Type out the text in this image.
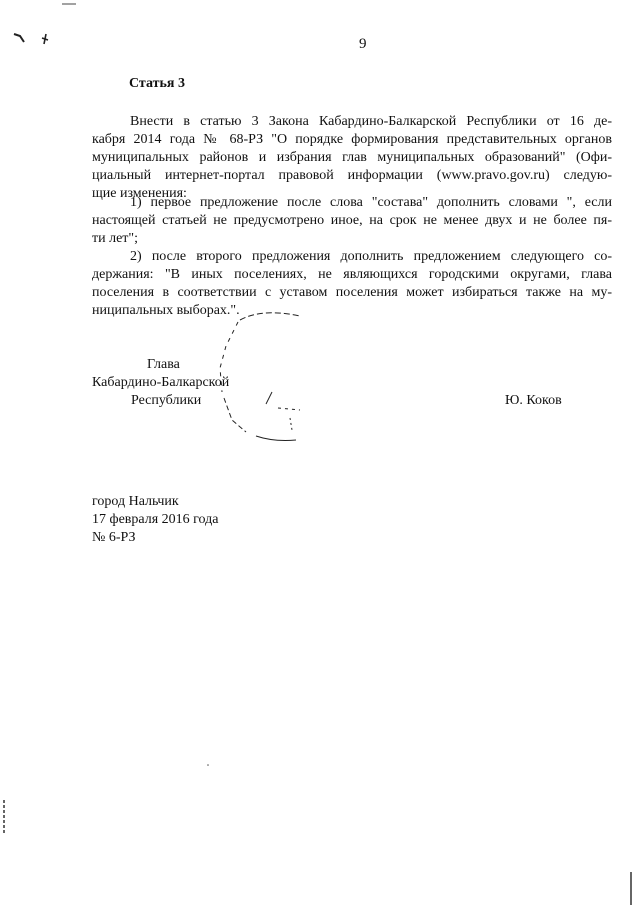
9
Статья 3
Внести в статью 3 Закона Кабардино-Балкарской Республики от 16 де-
кабря 2014 года № 68-РЗ "О порядке формирования представительных органов
муниципальных районов и избрания глав муниципальных образований" (Офи-
циальный интернет-портал правовой информации (www.pravo.gov.ru) следую-
щие изменения:
1) первое предложение после слова "состава" дополнить словами ", если
настоящей статьей не предусмотрено иное, на срок не менее двух и не более пя-
ти лет";
2) после второго предложения дополнить предложением следующего со-
держания: "В иных поселениях, не являющихся городскими округами, глава
поселения в соответствии с уставом поселения может избираться также на му-
ниципальных выборах.".
Глава
Кабардино-Балкарской
Республики	Ю. Коков
город Нальчик
17 февраля 2016 года
№ 6-РЗ
